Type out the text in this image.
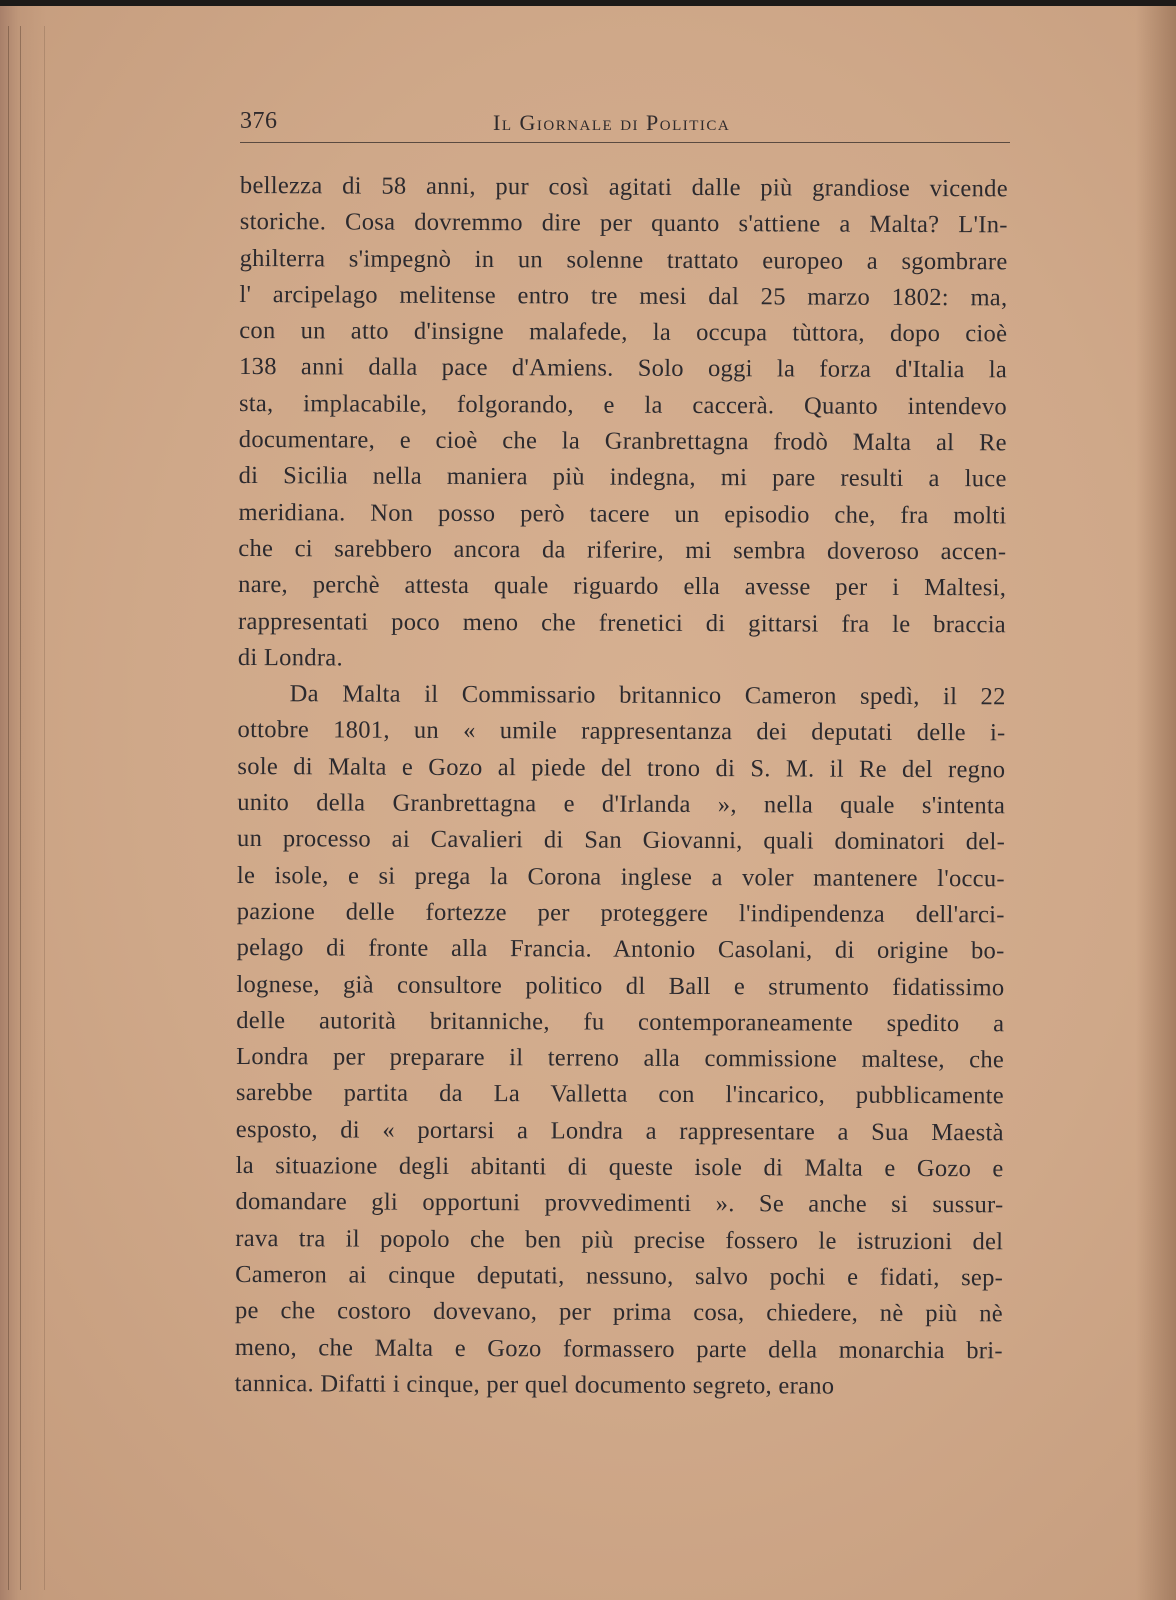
376	Il Giornale di Politica
bellezza di 58 anni, pur così agitati dalle più grandiose vicende
storiche. Cosa dovremmo dire per quanto s'attiene a Malta? L'In-
ghilterra s'impegnò in un solenne trattato europeo a sgombrare
l' arcipelago melitense entro tre mesi dal 25 marzo 1802: ma,
con un atto d'insigne malafede, la occupa tùttora, dopo cioè
138 anni dalla pace d'Amiens. Solo oggi la forza d'Italia la
sta, implacabile, folgorando, e la caccerà. Quanto intendevo
documentare, e cioè che la Granbrettagna frodò Malta al Re
di Sicilia nella maniera più indegna, mi pare resulti a luce
meridiana. Non posso però tacere un episodio che, fra molti
che ci sarebbero ancora da riferire, mi sembra doveroso accen-
nare, perchè attesta quale riguardo ella avesse per i Maltesi,
rappresentati poco meno che frenetici di gittarsi fra le braccia
di Londra.
Da Malta il Commissario britannico Cameron spedì, il 22
ottobre 1801, un « umile rappresentanza dei deputati delle i-
sole di Malta e Gozo al piede del trono di S. M. il Re del regno
unito della Granbrettagna e d'Irlanda », nella quale s'intenta
un processo ai Cavalieri di San Giovanni, quali dominatori del-
le isole, e si prega la Corona inglese a voler mantenere l'occu-
pazione delle fortezze per proteggere l'indipendenza dell'arci-
pelago di fronte alla Francia. Antonio Casolani, di origine bo-
lognese, già consultore politico dl Ball e strumento fidatissimo
delle autorità britanniche, fu contemporaneamente spedito a
Londra per preparare il terreno alla commissione maltese, che
sarebbe partita da La Valletta con l'incarico, pubblicamente
esposto, di « portarsi a Londra a rappresentare a Sua Maestà
la situazione degli abitanti di queste isole di Malta e Gozo e
domandare gli opportuni provvedimenti ». Se anche si sussur-
rava tra il popolo che ben più precise fossero le istruzioni del
Cameron ai cinque deputati, nessuno, salvo pochi e fidati, sep-
pe che costoro dovevano, per prima cosa, chiedere, nè più nè
meno, che Malta e Gozo formassero parte della monarchia bri-
tannica. Difatti i cinque, per quel documento segreto, erano
